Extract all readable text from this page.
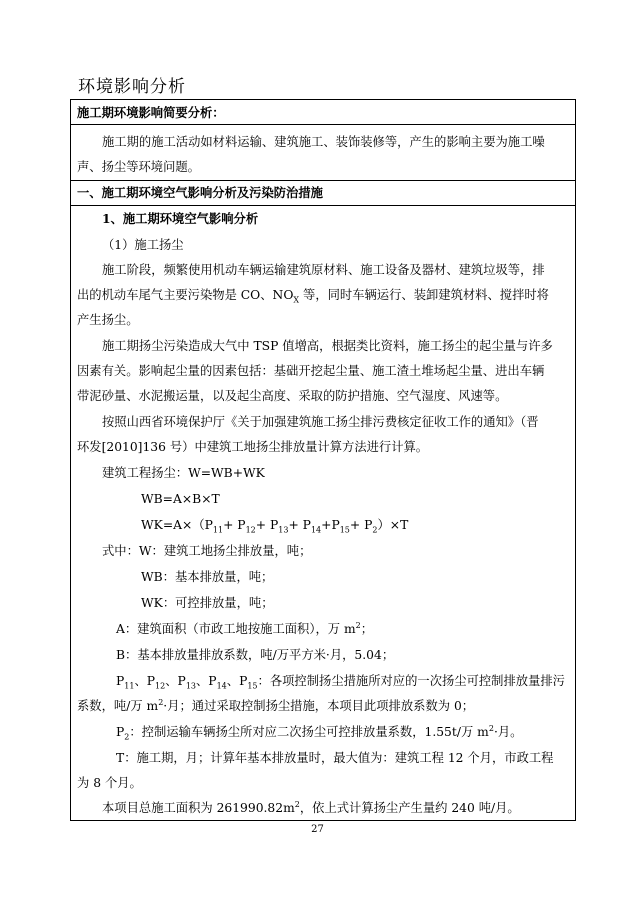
环境影响分析
施工期环境影响简要分析：
施工期的施工活动如材料运输、建筑施工、装饰装修等，产生的影响主要为施工噪
声、扬尘等环境问题。
一、施工期环境空气影响分析及污染防治措施
1、施工期环境空气影响分析
（1）施工扬尘
施工阶段，频繁使用机动车辆运输建筑原材料、施工设备及器材、建筑垃圾等，排
出的机动车尾气主要污染物是 CO、$NO_X$ 等，同时车辆运行、装卸建筑材料、搅拌时将
产生扬尘。
施工期扬尘污染造成大气中 TSP 值增高，根据类比资料，施工扬尘的起尘量与许多
因素有关。影响起尘量的因素包括：基础开挖起尘量、施工渣土堆场起尘量、进出车辆
带泥砂量、水泥搬运量，以及起尘高度、采取的防护措施、空气湿度、风速等。
按照山西省环境保护厅《关于加强建筑施工扬尘排污费核定征收工作的通知》（晋
环发[2010]136 号）中建筑工地扬尘排放量计算方法进行计算。
建筑工程扬尘：W=WB+WK
WB=A×B×T
$WK=A\times(P_{11}+ P_{12}+ P_{13}+ P_{14}+P_{15}+ P_2)\times T$
式中：W：建筑工地扬尘排放量，吨；
WB：基本排放量，吨；
WK：可控排放量，吨；
A：建筑面积（市政工地按施工面积），万 $m^2$；
B：基本排放量排放系数，吨/万平方米·月，5.04；
$P_{11}$、$P_{12}$、$P_{13}$、$P_{14}$、$P_{15}$：各项控制扬尘措施所对应的一次扬尘可控制排放量排污
系数，吨/万 $m^2\cdot$月；通过采取控制扬尘措施，本项目此项排放系数为 0；
$P_2$：控制运输车辆扬尘所对应二次扬尘可控排放量系数，1.55t/万 $m^2\cdot$月。
T：施工期，月；计算年基本排放量时，最大值为：建筑工程 12 个月，市政工程
为 8 个月。
本项目总施工面积为 $261990.82m^2$，依上式计算扬尘产生量约 240 吨/月。
27
